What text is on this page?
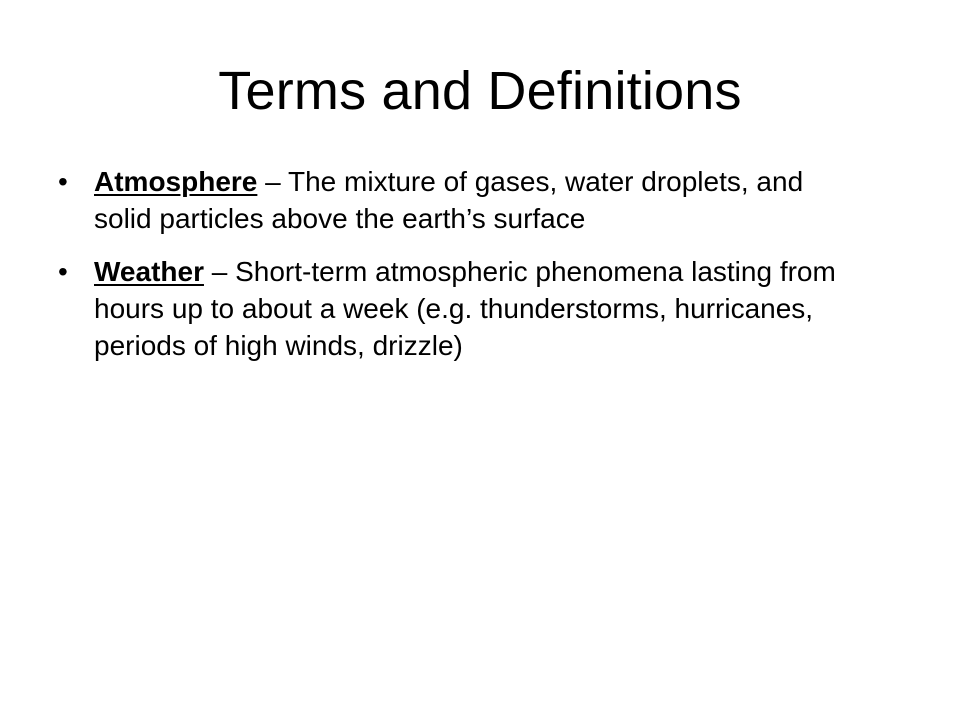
Terms and Definitions
• Atmosphere – The mixture of gases, water droplets, and solid particles above the earth’s surface
• Weather – Short-term atmospheric phenomena lasting from hours up to about a week (e.g. thunderstorms, hurricanes, periods of high winds, drizzle)
